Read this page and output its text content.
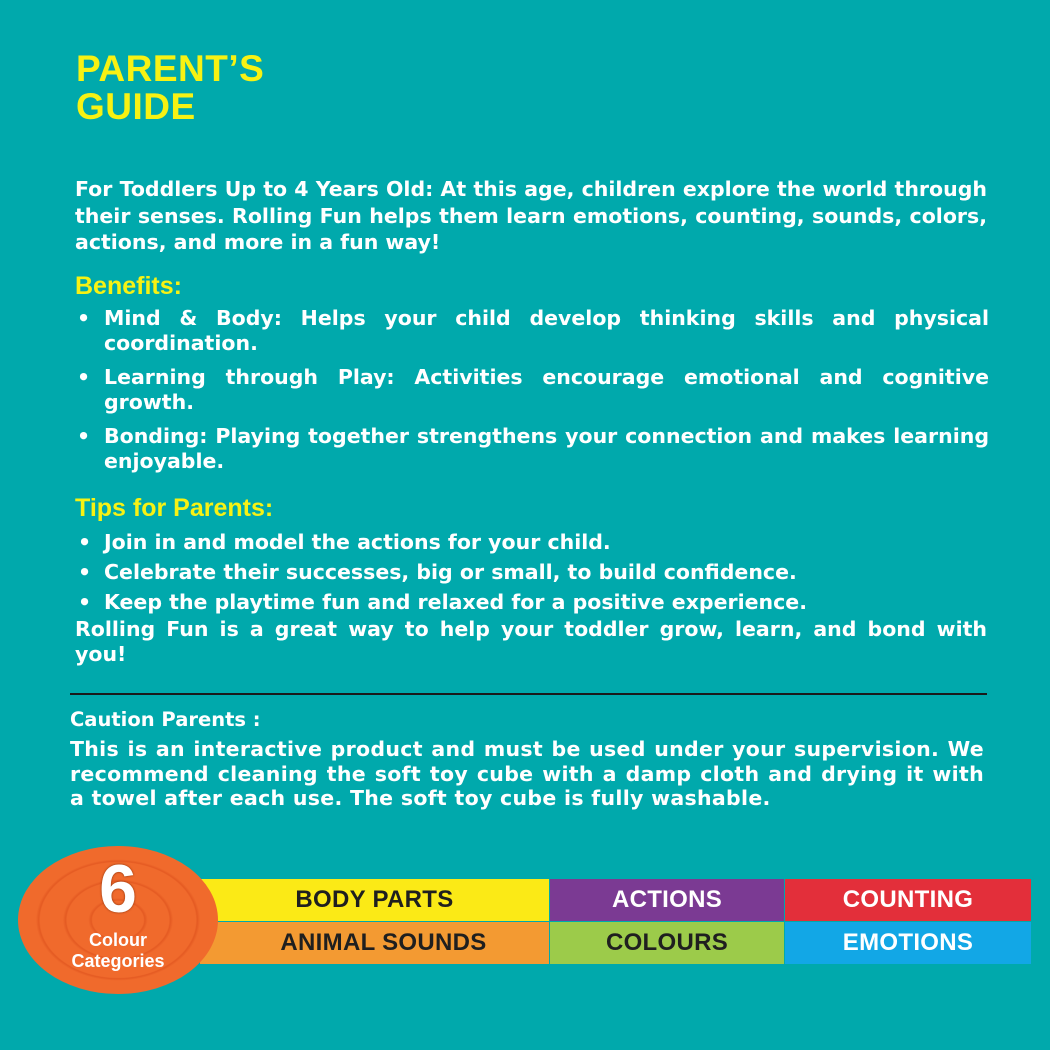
PARENT’S
GUIDE
For Toddlers Up to 4 Years Old: At this age, children explore the world through their senses. Rolling Fun helps them learn emotions, counting, sounds, colors, actions, and more in a fun way!
Benefits:
• Mind & Body: Helps your child develop thinking skills and physical coordination.
• Learning through Play: Activities encourage emotional and cognitive growth.
• Bonding: Playing together strengthens your connection and makes learning enjoyable.
Tips for Parents:
• Join in and model the actions for your child.
• Celebrate their successes, big or small, to build confidence.
• Keep the playtime fun and relaxed for a positive experience.
Rolling Fun is a great way to help your toddler grow, learn, and bond with you!
Caution Parents :
This is an interactive product and must be used under your supervision. We recommend cleaning the soft toy cube with a damp cloth and drying it with a towel after each use. The soft toy cube is fully washable.
6
Colour
Categories
BODY PARTS	ACTIONS	COUNTING
ANIMAL SOUNDS	COLOURS	EMOTIONS
